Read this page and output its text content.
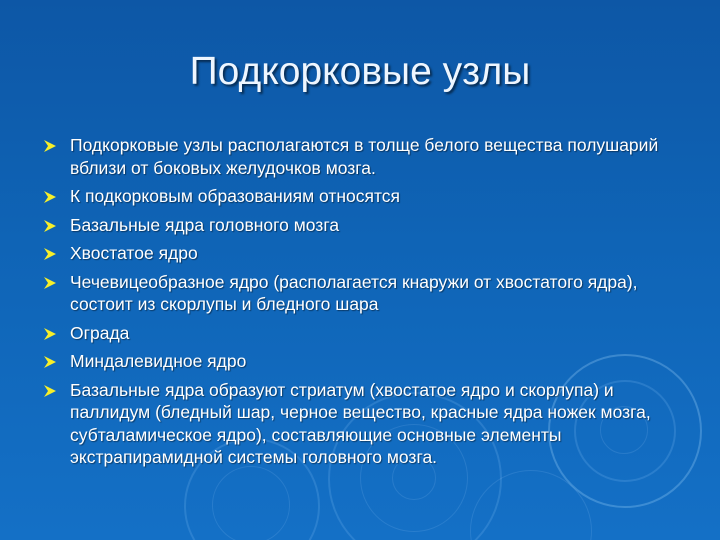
Подкорковые узлы
Подкорковые узлы располагаются в толще белого вещества полушарий вблизи от боковых желудочков мозга.
К подкорковым образованиям относятся
Базальные ядра головного мозга
Хвостатое ядро
Чечевицеобразное ядро (располагается кнаружи от хвостатого ядра), состоит из скорлупы и бледного шара
Ограда
Миндалевидное ядро
Базальные ядра образуют стриатум (хвостатое ядро и скорлупа) и паллидум (бледный шар, черное вещество, красные ядра ножек мозга, субталамическое ядро), составляющие основные элементы экстрапирамидной системы головного мозга.
